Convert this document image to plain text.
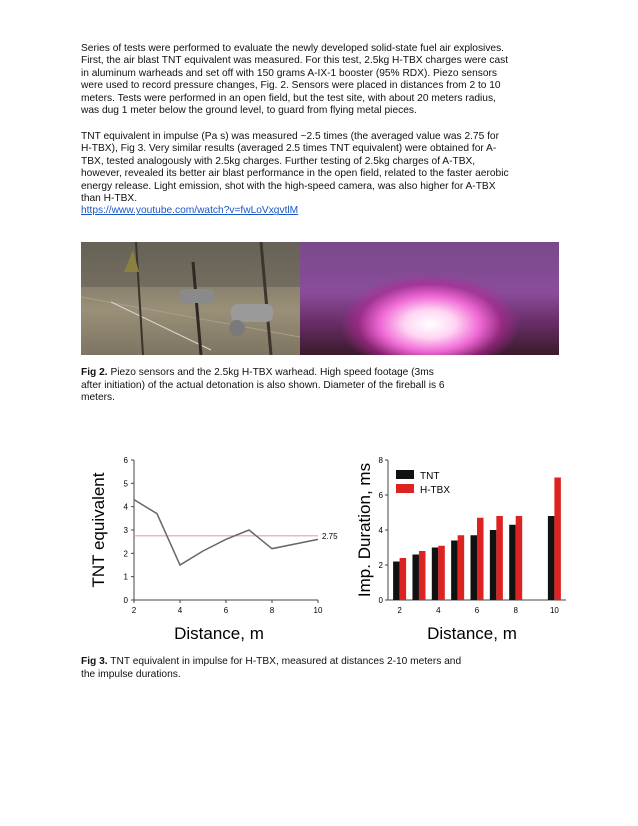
Series of tests were performed to evaluate the newly developed solid-state fuel air explosives.
First, the air blast TNT equivalent was measured. For this test, 2.5kg H-TBX charges were cast
in aluminum warheads and set off with 150 grams A-IX-1 booster (95% RDX). Piezo sensors
were used to record pressure changes, Fig. 2. Sensors were placed in distances from 2 to 10
meters. Tests were performed in an open field, but the test site, with about 20 meters radius,
was dug 1 meter below the ground level, to guard from flying metal pieces.
TNT equivalent in impulse (Pa s) was measured ~2.5 times (the averaged value was 2.75 for
H-TBX), Fig 3. Very similar results (averaged 2.5 times TNT equivalent) were obtained for A-
TBX, tested analogously with 2.5kg charges. Further testing of 2.5kg charges of A-TBX,
however, revealed its better air blast performance in the open field, related to the faster aerobic
energy release. Light emission, shot with the high-speed camera, was also higher for A-TBX
than H-TBX.
https://www.youtube.com/watch?v=fwLoVxgvtlM
Fig 2. Piezo sensors and the 2.5kg H-TBX warhead. High speed footage (3ms
after initiation) of the actual detonation is also shown. Diameter of the fireball is 6
meters.
0
1
2
3
4
5
6
2	4	6	8	10
2.75
Distance, m
TNT equivalent
0
2
4
6
8
2	4	6	8	10
Distance, m
Imp. Duration, ms	TNT
H-TBX
Fig 3. TNT equivalent in impulse for H-TBX, measured at distances 2-10 meters and
the impulse durations.
